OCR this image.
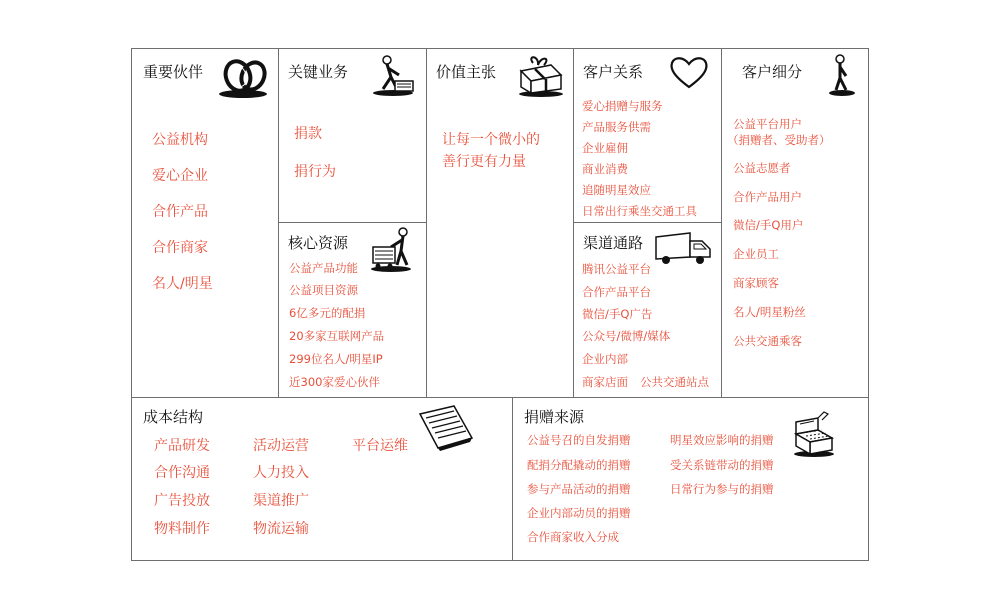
重要伙伴
公益机构
爱心企业
合作产品
合作商家
名人/明星
关键业务
捐款
捐行为
核心资源
公益产品功能
公益项目资源
6亿多元的配捐
20多家互联网产品
299位名人/明星IP
近300家爱心伙伴
价值主张
让每一个微小的
善行更有力量
客户关系
爱心捐赠与服务
产品服务供需
企业雇佣
商业消费
追随明星效应
日常出行乘坐交通工具
渠道通路
腾讯公益平台
合作产品平台
微信/手Q广告
公众号/微博/媒体
企业内部
商家店面 公共交通站点
客户细分
公益平台用户
（捐赠者、受助者）
公益志愿者
合作产品用户
微信/手Q用户
企业员工
商家顾客
名人/明星粉丝
公共交通乘客
成本结构
产品研发
合作沟通
广告投放
物料制作
活动运营
人力投入
渠道推广
物流运输
平台运维
捐赠来源
公益号召的自发捐赠
配捐分配撬动的捐赠
参与产品活动的捐赠
企业内部动员的捐赠
合作商家收入分成
明星效应影响的捐赠
受关系链带动的捐赠
日常行为参与的捐赠
